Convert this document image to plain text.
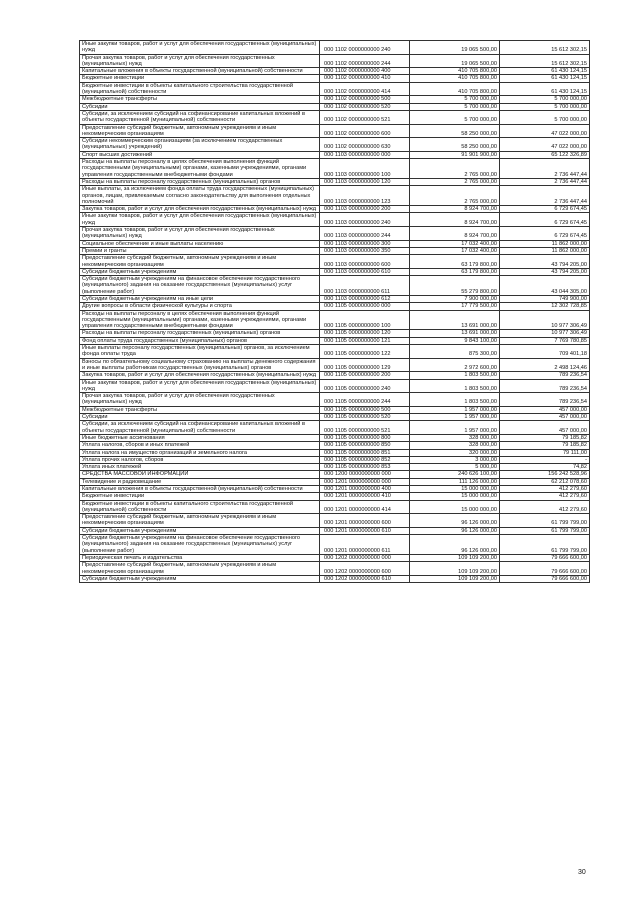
Иные закупки товаров, работ и услуг для обеспечения государственных (муниципальных) нужд	000 1102 0000000000 240	19 065 500,00	15 612 302,15
Прочая закупка товаров, работ и услуг для обеспечения государственных (муниципальных) нужд	000 1102 0000000000 244	19 065 500,00	15 612 302,15
Капитальные вложения в объекты государственной (муниципальной) собственности	000 1102 0000000000 400	410 705 800,00	61 430 124,15
Бюджетные инвестиции	000 1102 0000000000 410	410 705 800,00	61 430 124,15
Бюджетные инвестиции в объекты капитального строительства государственной (муниципальной) собственности	000 1102 0000000000 414	410 705 800,00	61 430 124,15
Межбюджетные трансферты	000 1102 0000000000 500	5 700 000,00	5 700 000,00
Субсидии	000 1102 0000000000 520	5 700 000,00	5 700 000,00
Субсидии, за исключением субсидий на софинансирование капитальных вложений в объекты государственной (муниципальной) собственности	000 1102 0000000000 521	5 700 000,00	5 700 000,00
Предоставление субсидий бюджетным, автономным учреждениям и иным некоммерческим организациям	000 1102 0000000000 600	58 250 000,00	47 022 000,00
Субсидии некоммерческим организациям (за исключением государственных (муниципальных) учреждений)	000 1102 0000000000 630	58 250 000,00	47 022 000,00
Спорт высших достижений	000 1103 0000000000 000	91 901 900,00	65 122 326,89
Расходы на выплаты персоналу в целях обеспечения выполнения функций государственными (муниципальными) органами, казенными учреждениями, органами управления государственными внебюджетными фондами	000 1103 0000000000 100	2 765 000,00	2 736 447,44
Расходы на выплаты персоналу государственных (муниципальных) органов	000 1103 0000000000 120	2 765 000,00	2 736 447,44
Иные выплаты, за исключением фонда оплаты труда государственных (муниципальных) органов, лицам, привлекаемым согласно законодательству для выполнения отдельных полномочий	000 1103 0000000000 123	2 765 000,00	2 736 447,44
Закупка товаров, работ и услуг для обеспечения государственных (муниципальных) нужд	000 1103 0000000000 200	8 924 700,00	6 729 674,45
Иные закупки товаров, работ и услуг для обеспечения государственных (муниципальных) нужд	000 1103 0000000000 240	8 924 700,00	6 729 674,45
Прочая закупка товаров, работ и услуг для обеспечения государственных (муниципальных) нужд	000 1103 0000000000 244	8 924 700,00	6 729 674,45
Социальное обеспечение и иные выплаты населению	000 1103 0000000000 300	17 032 400,00	11 862 000,00
Премии и гранты	000 1103 0000000000 350	17 032 400,00	11 862 000,00
Предоставление субсидий бюджетным, автономным учреждениям и иным некоммерческим организациям	000 1103 0000000000 600	63 179 800,00	43 794 205,00
Субсидии бюджетным учреждениям	000 1103 0000000000 610	63 179 800,00	43 794 205,00
Субсидии бюджетным учреждениям на финансовое обеспечение государственного (муниципального) задания на оказание государственных (муниципальных) услуг (выполнение работ)	000 1103 0000000000 611	55 279 800,00	43 044 305,00
Субсидии бюджетным учреждениям на иные цели	000 1103 0000000000 612	7 900 000,00	749 900,00
Другие вопросы в области физической культуры и спорта	000 1105 0000000000 000	17 779 500,00	12 302 728,85
Расходы на выплаты персоналу в целях обеспечения выполнения функций государственными (муниципальными) органами, казенными учреждениями, органами управления государственными внебюджетными фондами	000 1105 0000000000 100	13 691 000,00	10 977 306,49
Расходы на выплаты персоналу государственных (муниципальных) органов	000 1105 0000000000 120	13 691 000,00	10 977 306,49
Фонд оплаты труда государственных (муниципальных) органов	000 1105 0000000000 121	9 843 100,00	7 769 780,85
Иные выплаты персоналу государственных (муниципальных) органов, за исключением фонда оплаты труда	000 1105 0000000000 122	875 300,00	709 401,18
Взносы по обязательному социальному страхованию на выплаты денежного содержания и иные выплаты работникам государственных (муниципальных) органов	000 1105 0000000000 129	2 972 600,00	2 498 124,46
Закупка товаров, работ и услуг для обеспечения государственных (муниципальных) нужд	000 1105 0000000000 200	1 803 500,00	789 236,54
Иные закупки товаров, работ и услуг для обеспечения государственных (муниципальных) нужд	000 1105 0000000000 240	1 803 500,00	789 236,54
Прочая закупка товаров, работ и услуг для обеспечения государственных (муниципальных) нужд	000 1105 0000000000 244	1 803 500,00	789 236,54
Межбюджетные трансферты	000 1105 0000000000 500	1 957 000,00	457 000,00
Субсидии	000 1105 0000000000 520	1 957 000,00	457 000,00
Субсидии, за исключением субсидий на софинансирование капитальных вложений в объекты государственной (муниципальной) собственности	000 1105 0000000000 521	1 957 000,00	457 000,00
Иные бюджетные ассигнования	000 1105 0000000000 800	328 000,00	79 185,82
Уплата налогов, сборов и иных платежей	000 1105 0000000000 850	328 000,00	79 185,82
Уплата налога на имущество организаций и земельного налога	000 1105 0000000000 851	320 000,00	79 111,00
Уплата прочих налогов, сборов	000 1105 0000000000 852	3 000,00	-
Уплата иных платежей	000 1105 0000000000 853	5 000,00	74,82
СРЕДСТВА МАССОВОЙ ИНФОРМАЦИИ	000 1200 0000000000 000	240 626 100,00	156 242 528,96
Телевидение и радиовещание	000 1201 0000000000 000	111 126 000,00	62 212 078,60
Капитальные вложения в объекты государственной (муниципальной) собственности	000 1201 0000000000 400	15 000 000,00	412 279,60
Бюджетные инвестиции	000 1201 0000000000 410	15 000 000,00	412 279,60
Бюджетные инвестиции в объекты капитального строительства государственной (муниципальной) собственности	000 1201 0000000000 414	15 000 000,00	412 279,60
Предоставление субсидий бюджетным, автономным учреждениям и иным некоммерческим организациям	000 1201 0000000000 600	96 126 000,00	61 799 799,00
Субсидии бюджетным учреждениям	000 1201 0000000000 610	96 126 000,00	61 799 799,00
Субсидии бюджетным учреждениям на финансовое обеспечение государственного (муниципального) задания на оказание государственных (муниципальных) услуг (выполнение работ)	000 1201 0000000000 611	96 126 000,00	61 799 799,00
Периодическая печать и издательства	000 1202 0000000000 000	109 109 200,00	79 666 600,00
Предоставление субсидий бюджетным, автономным учреждениям и иным некоммерческим организациям	000 1202 0000000000 600	109 109 200,00	79 666 600,00
Субсидии бюджетным учреждениям	000 1202 0000000000 610	109 109 200,00	79 666 600,00
30
